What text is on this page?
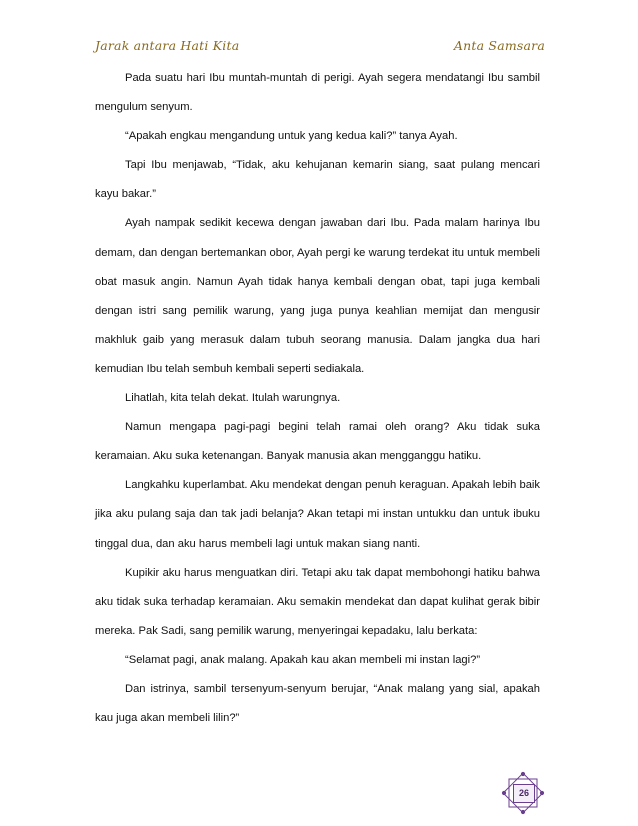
Jarak antara Hati Kita	Anta Samsara

Pada suatu hari Ibu muntah-muntah di perigi. Ayah segera mendatangi Ibu sambil mengulum senyum.

“Apakah engkau mengandung untuk yang kedua kali?” tanya Ayah.

Tapi Ibu menjawab, “Tidak, aku kehujanan kemarin siang, saat pulang mencari kayu bakar.”

Ayah nampak sedikit kecewa dengan jawaban dari Ibu. Pada malam harinya Ibu demam, dan dengan bertemankan obor, Ayah pergi ke warung terdekat itu untuk membeli obat masuk angin. Namun Ayah tidak hanya kembali dengan obat, tapi juga kembali dengan istri sang pemilik warung, yang juga punya keahlian memijat dan mengusir makhluk gaib yang merasuk dalam tubuh seorang manusia. Dalam jangka dua hari kemudian Ibu telah sembuh kembali seperti sediakala.

Lihatlah, kita telah dekat. Itulah warungnya.

Namun mengapa pagi-pagi begini telah ramai oleh orang? Aku tidak suka keramaian. Aku suka ketenangan. Banyak manusia akan mengganggu hatiku.

Langkahku kuperlambat. Aku mendekat dengan penuh keraguan. Apakah lebih baik jika aku pulang saja dan tak jadi belanja? Akan tetapi mi instan untukku dan untuk ibuku tinggal dua, dan aku harus membeli lagi untuk makan siang nanti.

Kupikir aku harus menguatkan diri. Tetapi aku tak dapat membohongi hatiku bahwa aku tidak suka terhadap keramaian. Aku semakin mendekat dan dapat kulihat gerak bibir mereka. Pak Sadi, sang pemilik warung, menyeringai kepadaku, lalu berkata:

“Selamat pagi, anak malang. Apakah kau akan membeli mi instan lagi?”

Dan istrinya, sambil tersenyum-senyum berujar, “Anak malang yang sial, apakah kau juga akan membeli lilin?”

26
